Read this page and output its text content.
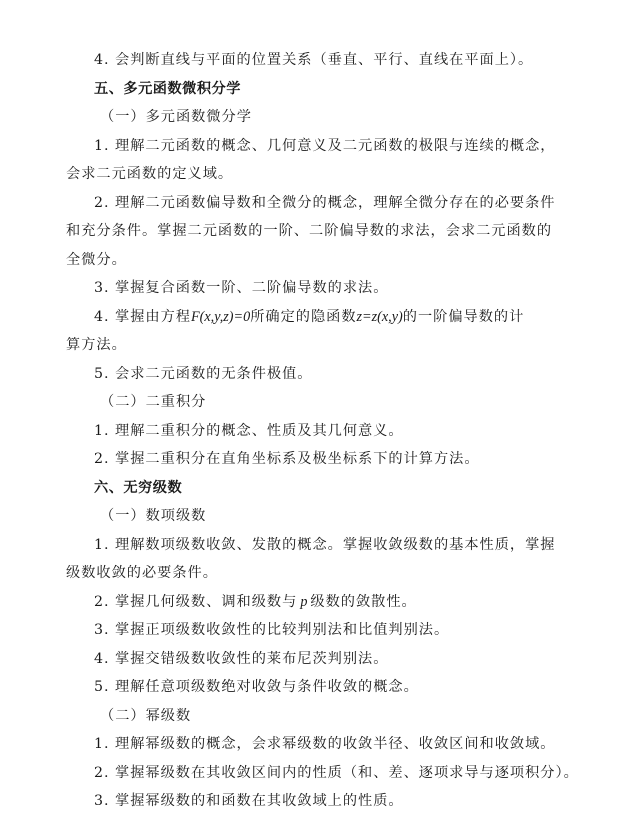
4. 会判断直线与平面的位置关系（垂直、平行、直线在平面上）。
五、多元函数微积分学
（一）多元函数微分学
1. 理解二元函数的概念、几何意义及二元函数的极限与连续的概念，
会求二元函数的定义域。
2. 理解二元函数偏导数和全微分的概念，理解全微分存在的必要条件
和充分条件。掌握二元函数的一阶、二阶偏导数的求法，会求二元函数的
全微分。
3. 掌握复合函数一阶、二阶偏导数的求法。
4. 掌握由方程F(x,y,z)=0所确定的隐函数z=z(x,y)的一阶偏导数的计
算方法。
5. 会求二元函数的无条件极值。
（二）二重积分
1. 理解二重积分的概念、性质及其几何意义。
2. 掌握二重积分在直角坐标系及极坐标系下的计算方法。
六、无穷级数
（一）数项级数
1. 理解数项级数收敛、发散的概念。掌握收敛级数的基本性质，掌握
级数收敛的必要条件。
2. 掌握几何级数、调和级数与 p 级数的敛散性。
3. 掌握正项级数收敛性的比较判别法和比值判别法。
4. 掌握交错级数收敛性的莱布尼茨判别法。
5. 理解任意项级数绝对收敛与条件收敛的概念。
（二）幂级数
1. 理解幂级数的概念，会求幂级数的收敛半径、收敛区间和收敛域。
2. 掌握幂级数在其收敛区间内的性质（和、差、逐项求导与逐项积分）。
3. 掌握幂级数的和函数在其收敛域上的性质。
